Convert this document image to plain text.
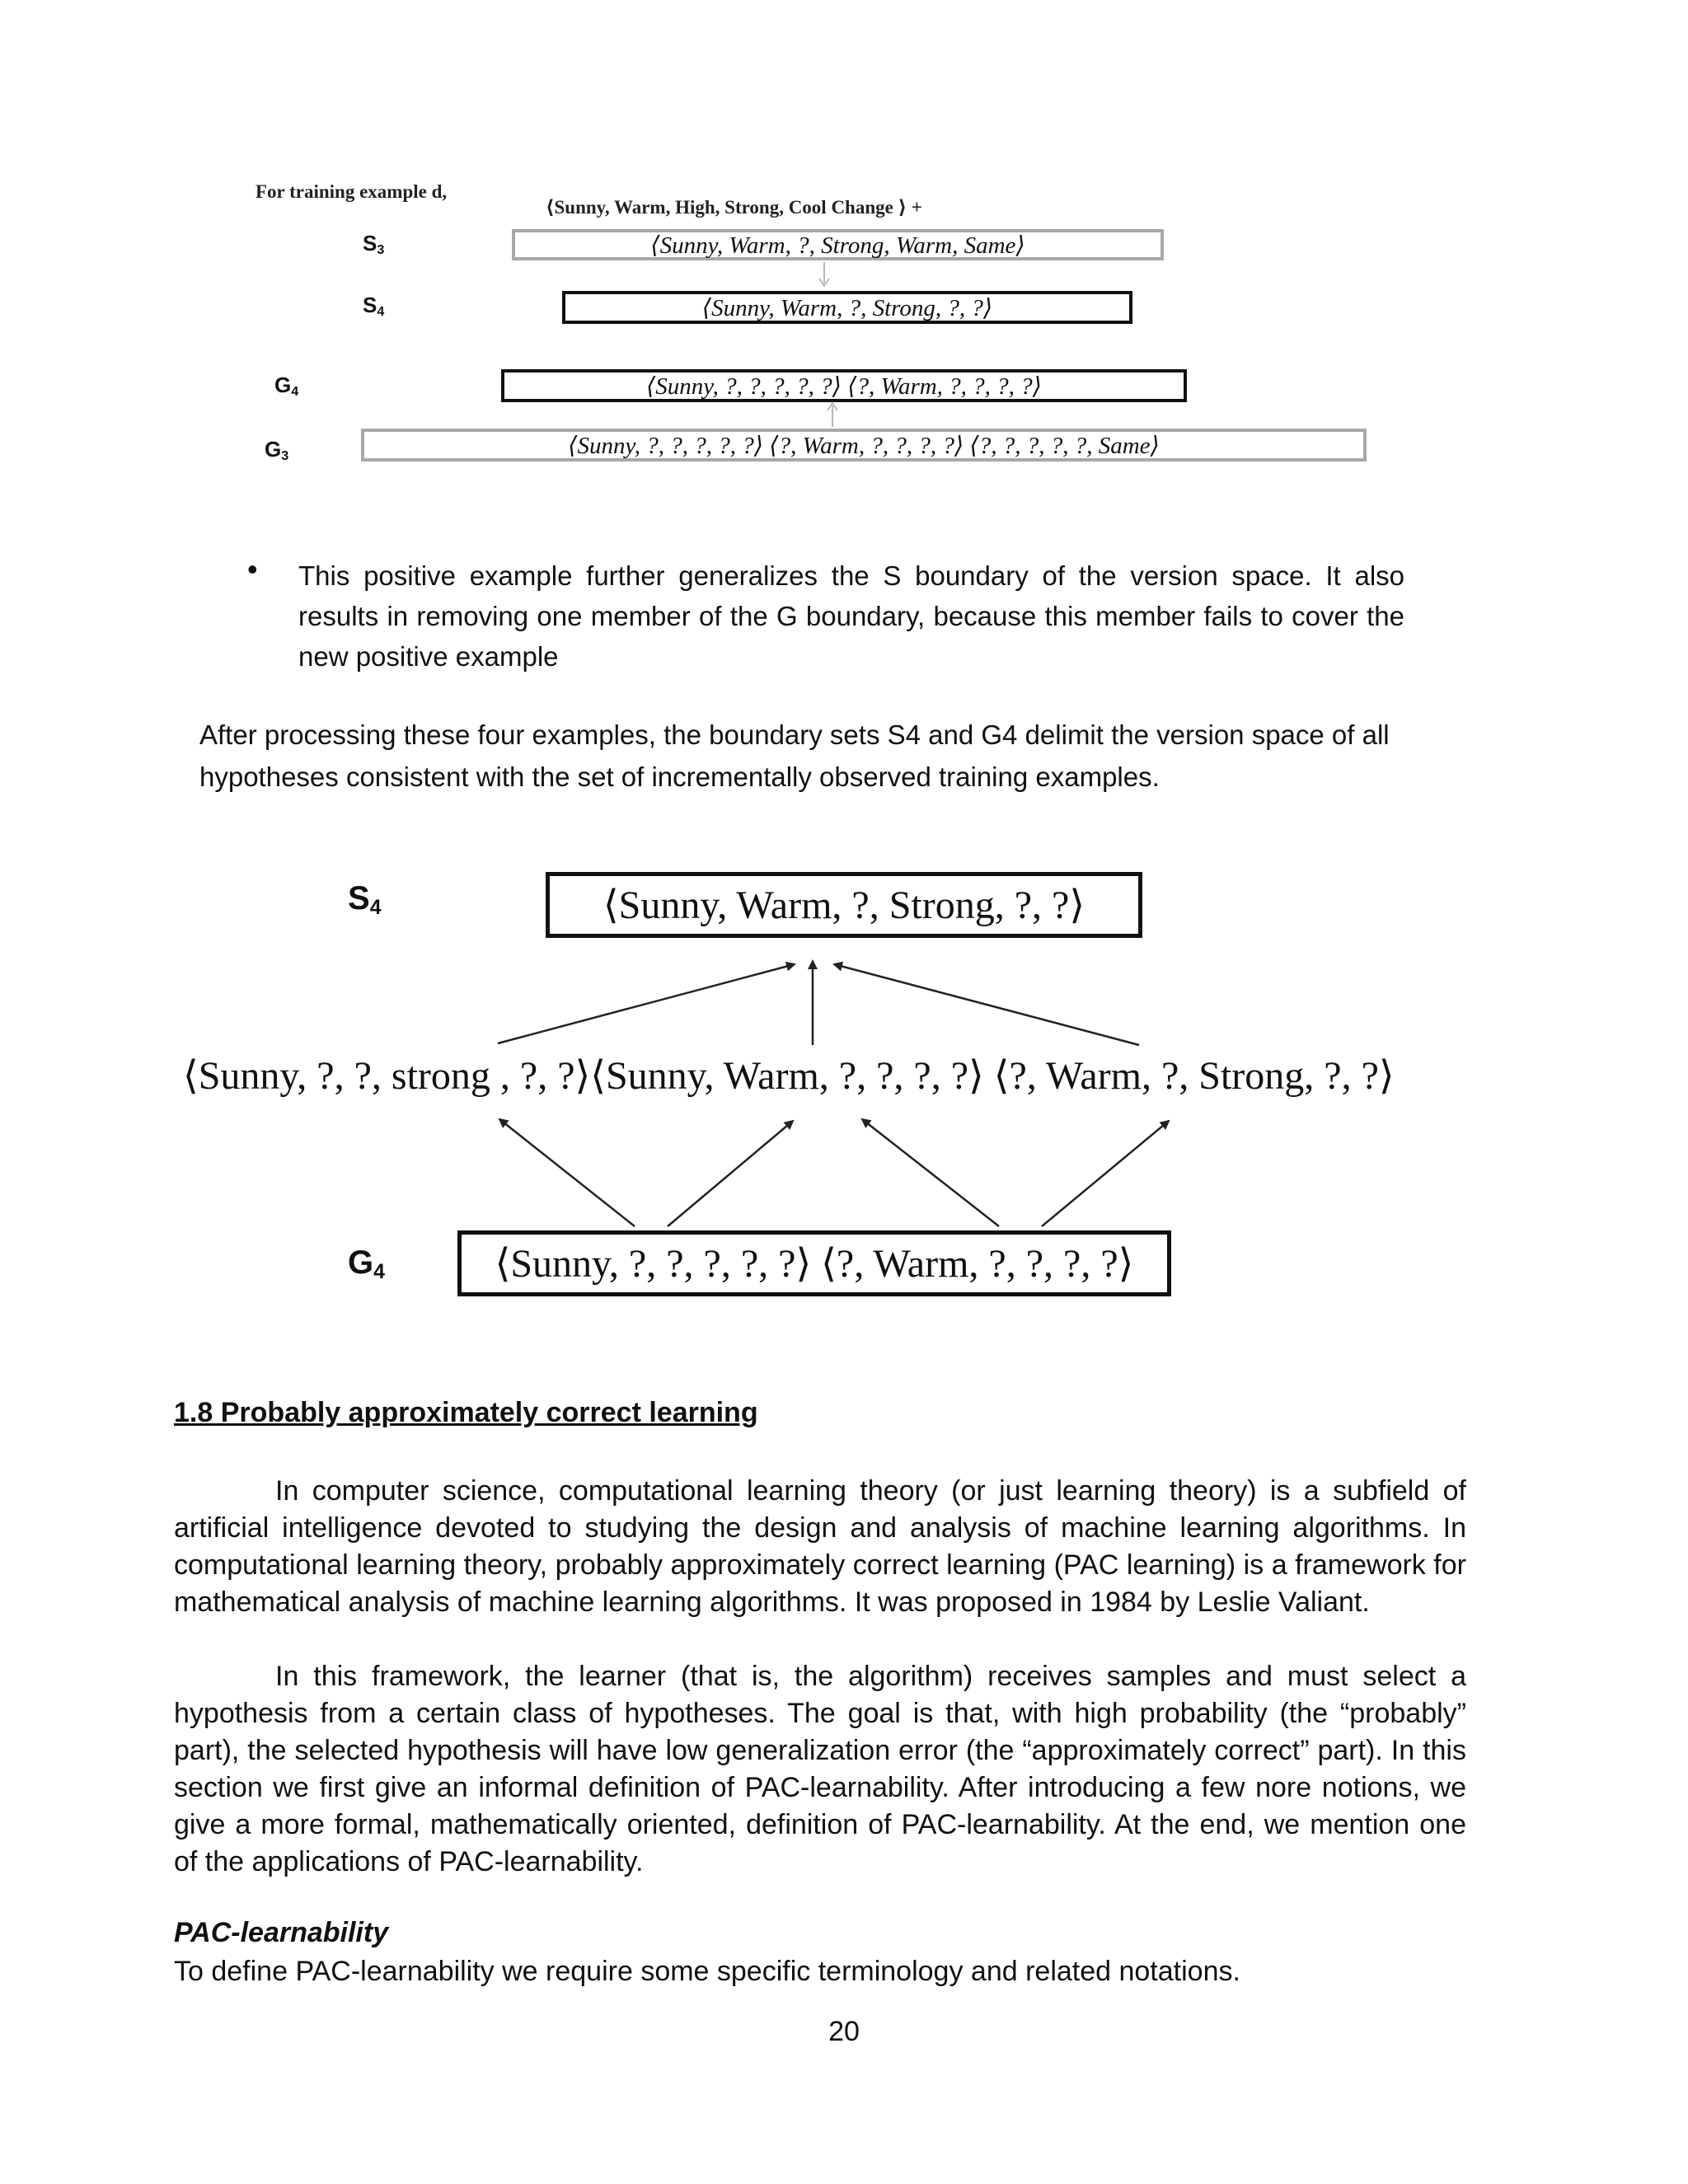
For training example d,
⟨Sunny, Warm, High, Strong, Cool Change ⟩ +
$S_3$	⟨Sunny, Warm, ?, Strong, Warm, Same⟩
$S_4$	⟨Sunny, Warm, ?, Strong, ?, ?⟩
$G_4$	⟨Sunny, ?, ?, ?, ?, ?⟩ ⟨?, Warm, ?, ?, ?, ?⟩
$G_3$	⟨Sunny, ?, ?, ?, ?, ?⟩ ⟨?, Warm, ?, ?, ?, ?⟩ ⟨?, ?, ?, ?, ?, Same⟩
• This positive example further generalizes the S boundary of the version space. It also results in removing one member of the G boundary, because this member fails to cover the new positive example
After processing these four examples, the boundary sets S4 and G4 delimit the version space of all hypotheses consistent with the set of incrementally observed training examples.
$S_4$	⟨Sunny, Warm, ?, Strong, ?, ?⟩
⟨Sunny, ?, ?, strong , ?, ?⟩⟨Sunny, Warm, ?, ?, ?, ?⟩ ⟨?, Warm, ?, Strong, ?, ?⟩
$G_4$	⟨Sunny, ?, ?, ?, ?, ?⟩ ⟨?, Warm, ?, ?, ?, ?⟩
1.8 Probably approximately correct learning
In computer science, computational learning theory (or just learning theory) is a subfield of artificial intelligence devoted to studying the design and analysis of machine learning algorithms. In computational learning theory, probably approximately correct learning (PAC learning) is a framework for mathematical analysis of machine learning algorithms. It was proposed in 1984 by Leslie Valiant.
In this framework, the learner (that is, the algorithm) receives samples and must select a hypothesis from a certain class of hypotheses. The goal is that, with high probability (the “probably” part), the selected hypothesis will have low generalization error (the “approximately correct” part). In this section we first give an informal definition of PAC-learnability. After introducing a few nore notions, we give a more formal, mathematically oriented, definition of PAC-learnability. At the end, we mention one of the applications of PAC-learnability.
PAC-learnability
To define PAC-learnability we require some specific terminology and related notations.
20
